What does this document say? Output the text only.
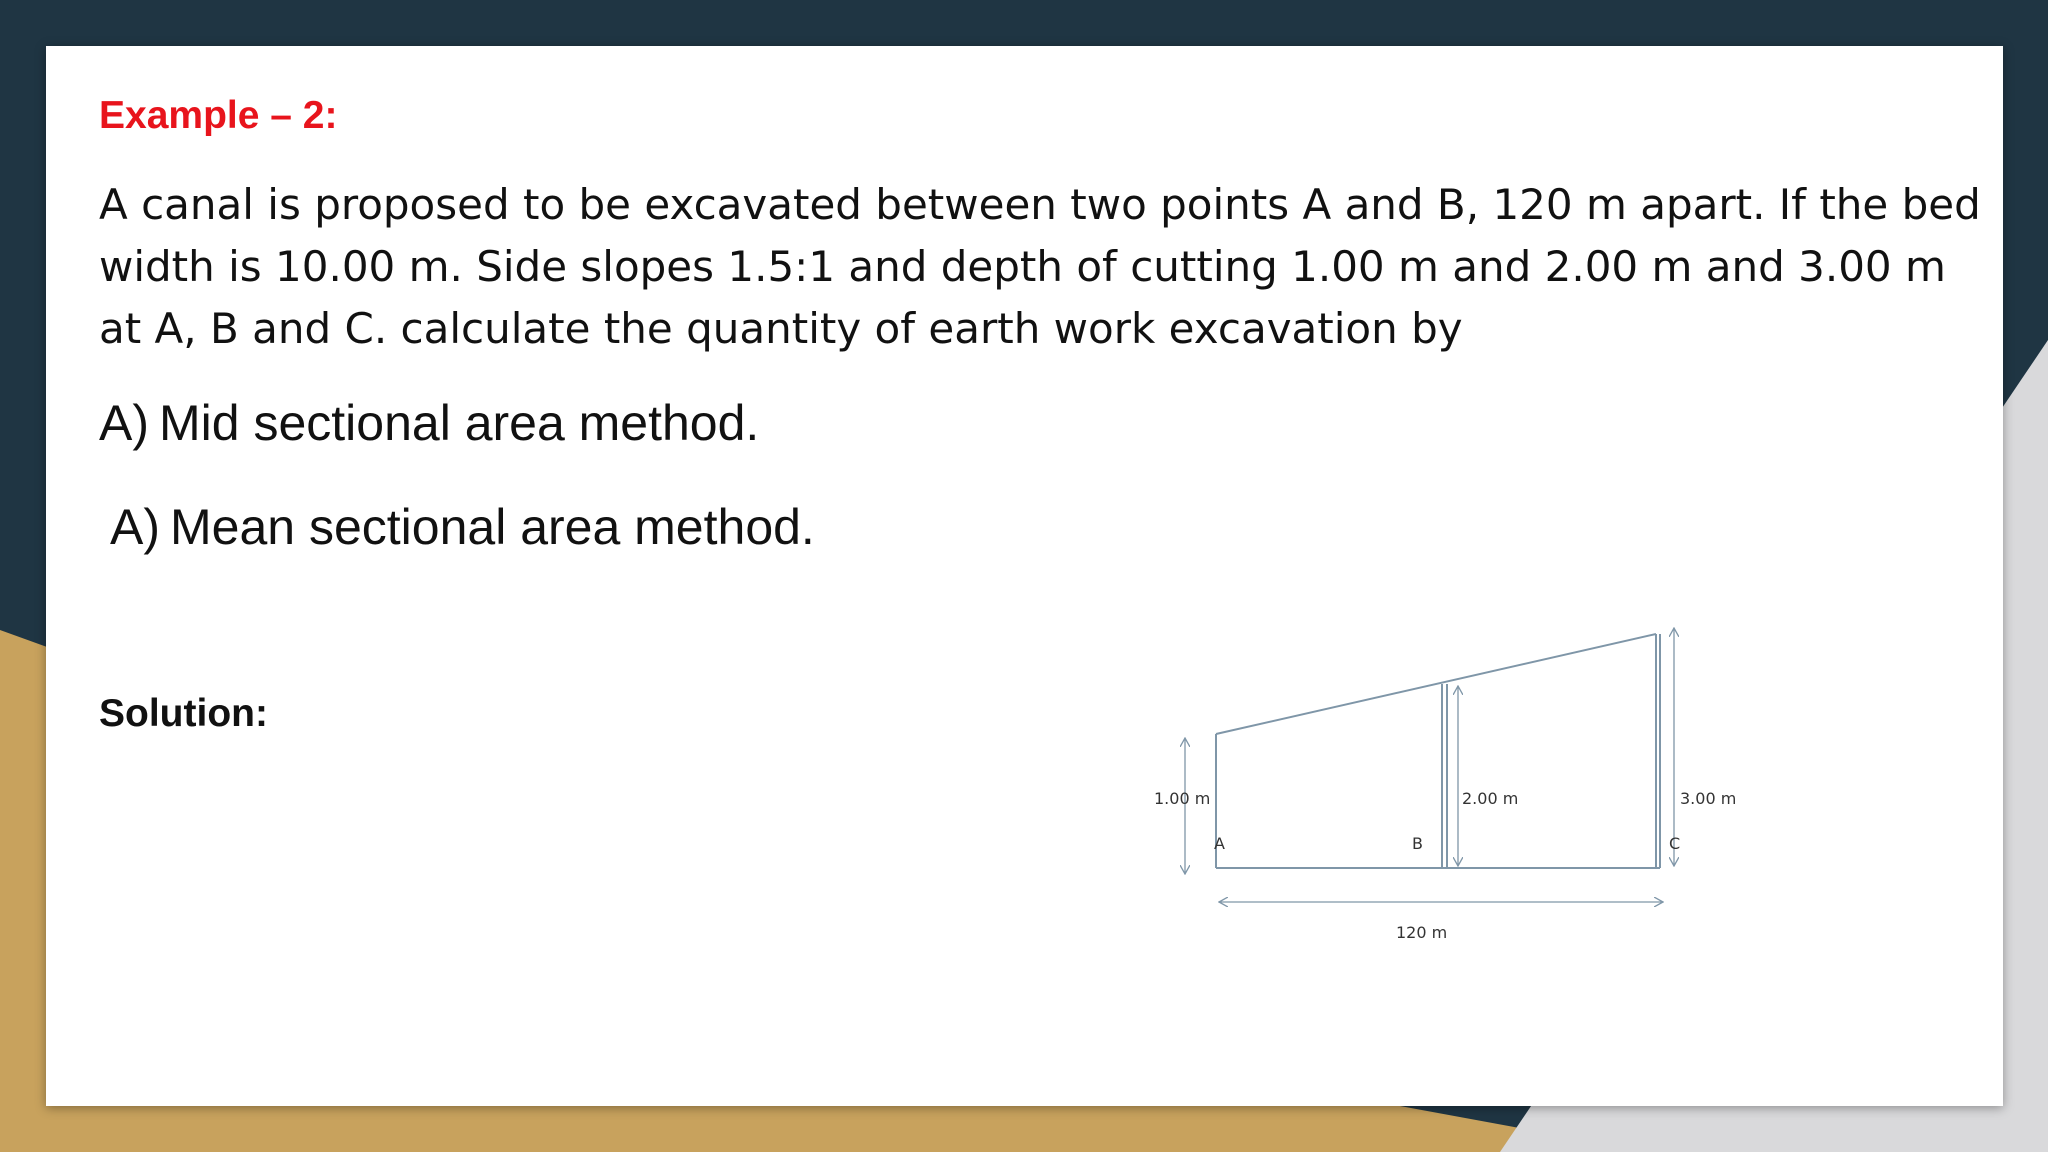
Example – 2:

A canal is proposed to be excavated between two points A and B, 120 m apart. If the bed width is 10.00 m. Side slopes 1.5:1 and depth of cutting 1.00 m and 2.00 m and 3.00 m at A, B and C. calculate the quantity of earth work excavation by

A) Mid sectional area method.
A) Mean sectional area method.
Solution:
1.00 m	2.00 m	3.00 m
A	B	C
120 m
